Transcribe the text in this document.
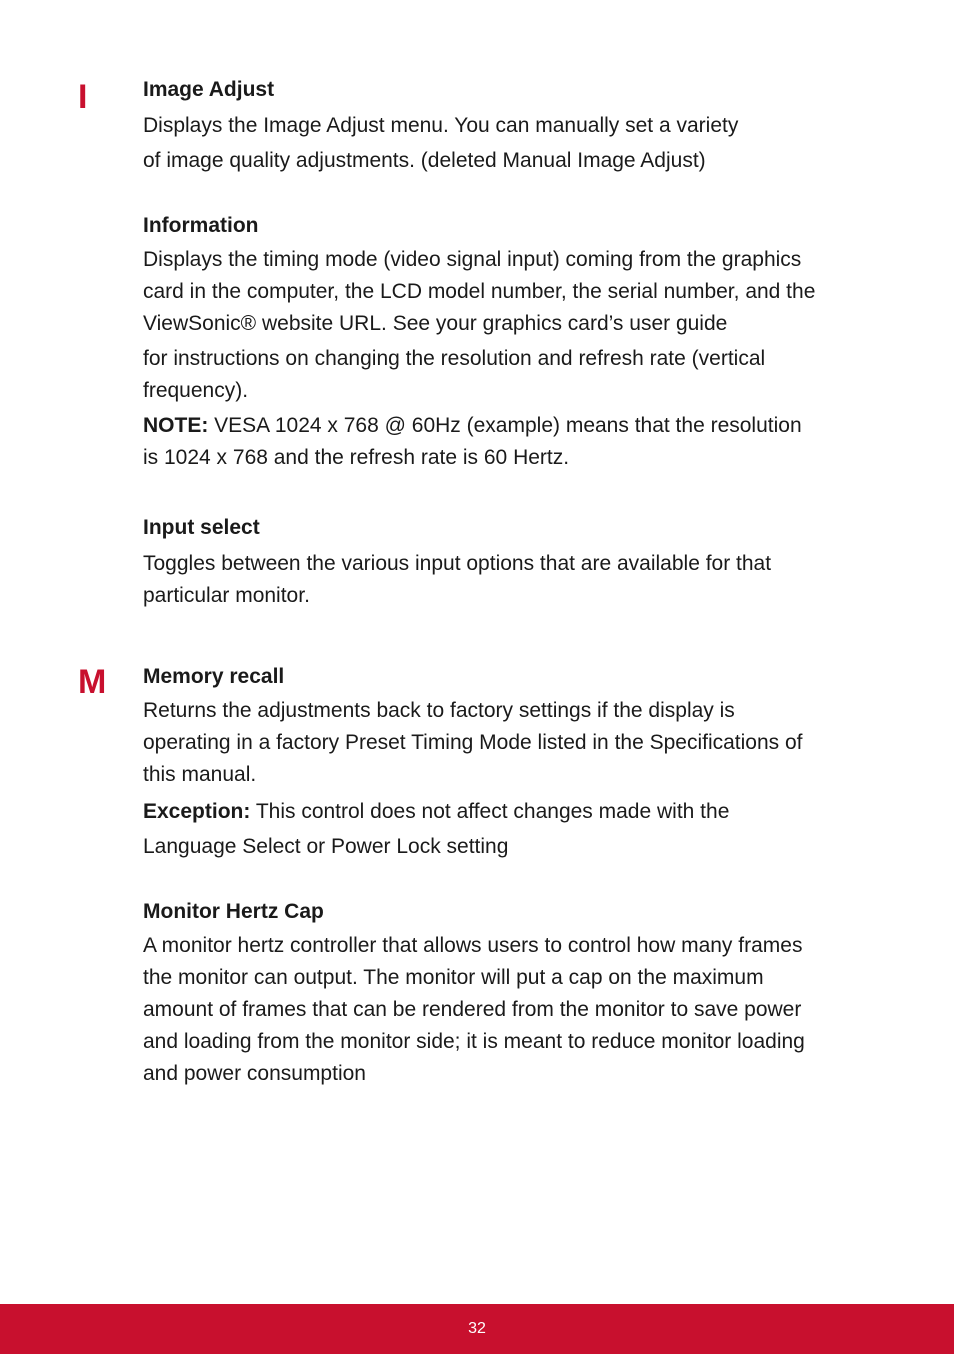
I
M
Image Adjust

Displays the Image Adjust menu. You can manually set a variety
of image quality adjustments. (deleted Manual Image Adjust)

Information

Displays the timing mode (video signal input) coming from the graphics
card in the computer, the LCD model number, the serial number, and the
ViewSonic® website URL. See your graphics card’s user guide

for instructions on changing the resolution and refresh rate (vertical
frequency).

NOTE: VESA 1024 x 768 @ 60Hz (example) means that the resolution
is 1024 x 768 and the refresh rate is 60 Hertz.

Input select

Toggles between the various input options that are available for that
particular monitor.

Memory recall

Returns the adjustments back to factory settings if the display is
operating in a factory Preset Timing Mode listed in the Specifications of
this manual.

Exception: This control does not affect changes made with the
Language Select or Power Lock setting

Monitor Hertz Cap

A monitor hertz controller that allows users to control how many frames
the monitor can output. The monitor will put a cap on the maximum
amount of frames that can be rendered from the monitor to save power
and loading from the monitor side; it is meant to reduce monitor loading
and power consumption

32
